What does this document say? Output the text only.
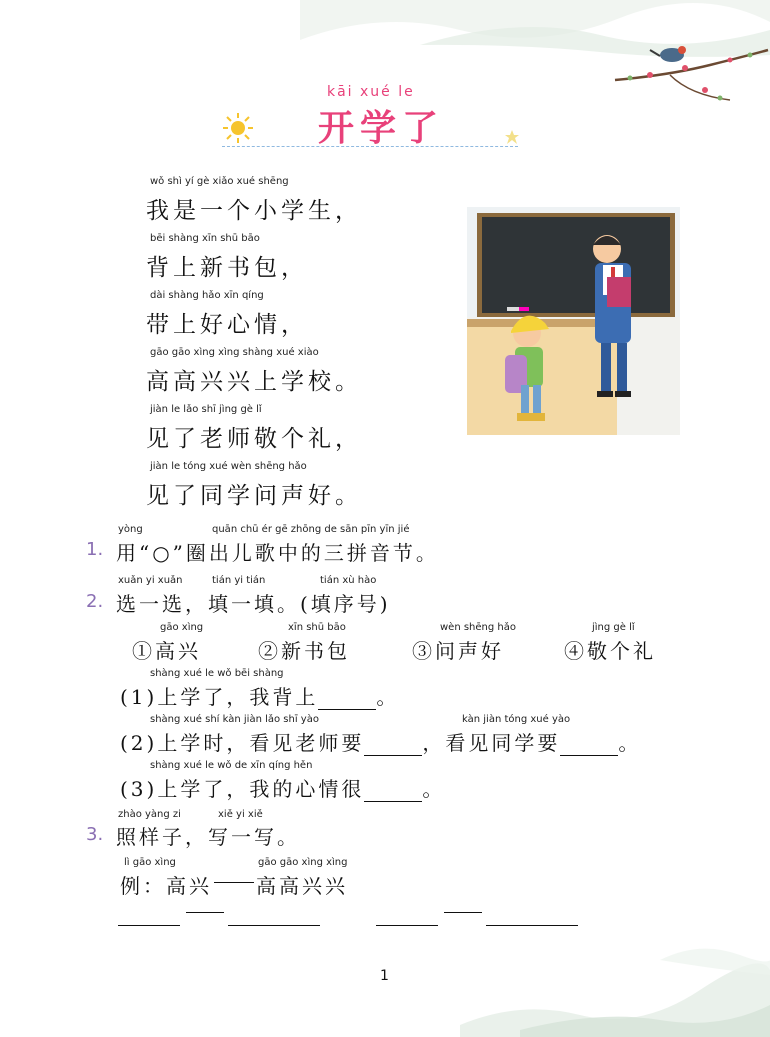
kāi xué le
开学了
wǒ shì yí gè xiǎo xué shēng
我是一个小学生，
bēi shàng xīn shū bāo
背上新书包，
dài shàng hǎo xīn qíng
带上好心情，
gāo gāo xìng xìng shàng xué xiào
高高兴兴上学校。
jiàn le lǎo shī jìng gè lǐ
见了老师敬个礼，
jiàn le tóng xué wèn shēng hǎo
见了同学问声好。
1.
yòng	quān chū ér gē zhōng de sān pīn yīn jié
用“○”圈出儿歌中的三拼音节。
2.
xuǎn yi xuǎn	tián yi tián	tián xù hào
选一选，填一填。(填序号)
gāo xìng
①高兴
xīn shū bāo
②新书包
wèn shēng hǎo
③问声好
jìng gè lǐ
④敬个礼
shàng xué le wǒ bēi shàng
(1)上学了，我背上	。
shàng xué shí kàn jiàn lǎo shī yào	kàn jiàn tóng xué yào
(2)上学时，看见老师要	，看见同学要	。
shàng xué le wǒ de xīn qíng hěn
(3)上学了，我的心情很	。
3.
zhào yàng zi	xiě yi xiě
照样子，写一写。
lì gāo xìng	gāo gāo xìng xìng
例：高兴 高高兴兴
1
